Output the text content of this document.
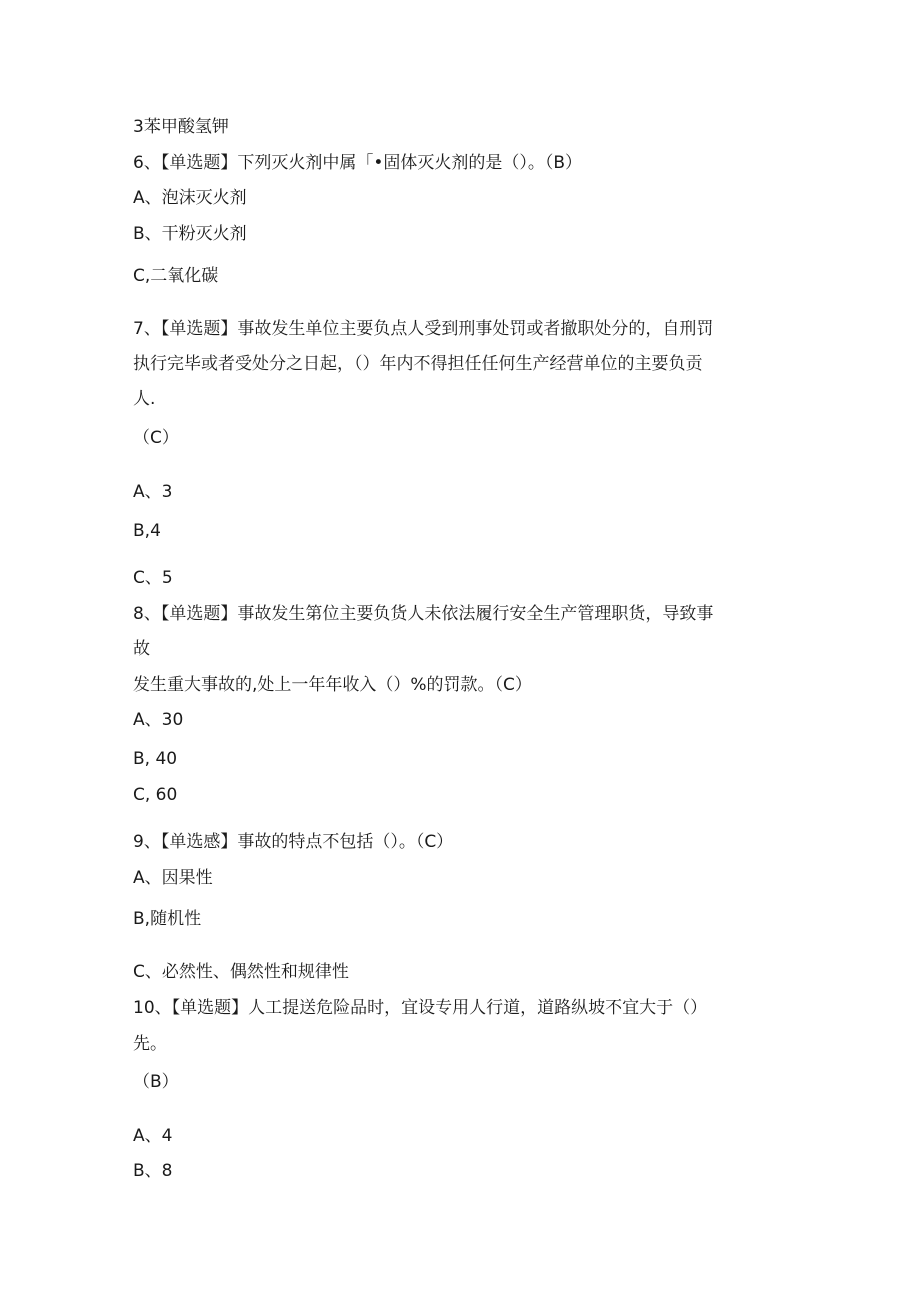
3苯甲酸氢钾
6、【单选题】下列灭火剂中属「•固体灭火剂的是（）。（B）
A、泡沫灭火剂
B、干粉灭火剂
C,二氧化碳
7、【单选题】事故发生单位主要负点人受到刑事处罚或者撤职处分的，自刑罚
执行完毕或者受处分之日起，（）年内不得担任任何生产经营单位的主要负贡
人.
（C）
A、3
B,4
C、5
8、【单选题】事故发生第位主要负货人未依法履行安全生产管理职货，导致事
故
发生重大事故的,处上一年年收入（）%的罚款。（C）
A、30
B, 40
C, 60
9、【单选感】事故的特点不包括（）。（C）
A、因果性
B,随机性
C、必然性、偶然性和规律性
10、【单选题】人工提送危险品时，宜设专用人行道，道路纵坡不宜大于（）
先。
（B）
A、4
B、8
